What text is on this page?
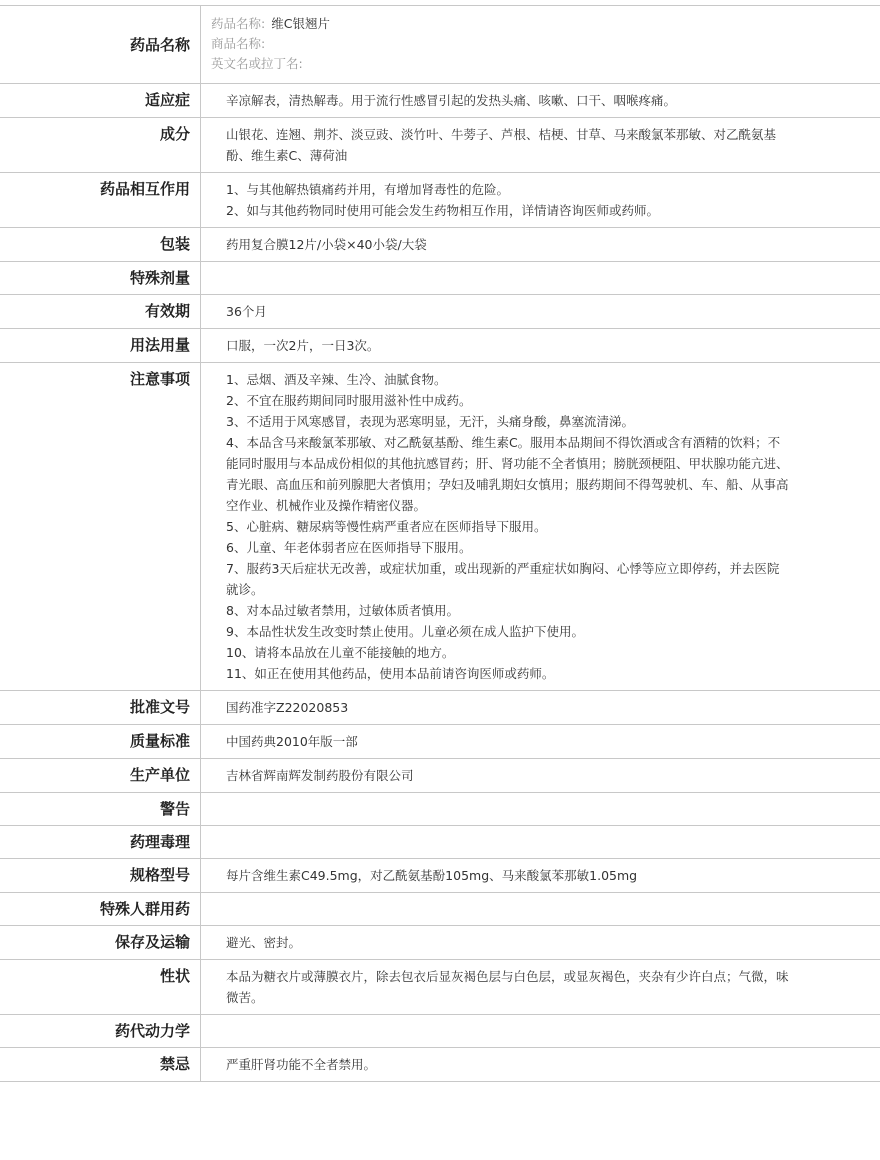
药品名称
药品名称: 维C银翘片
商品名称:
英文名或拉丁名:
适应症	辛凉解表，清热解毒。用于流行性感冒引起的发热头痛、咳嗽、口干、咽喉疼痛。
成分	山银花、连翘、荆芥、淡豆豉、淡竹叶、牛蒡子、芦根、桔梗、甘草、马来酸氯苯那敏、对乙酰氨基酚、维生素C、薄荷油
药品相互作用	1、与其他解热镇痛药并用，有增加肾毒性的危险。
2、如与其他药物同时使用可能会发生药物相互作用，详情请咨询医师或药师。
包装	药用复合膜12片/小袋×40小袋/大袋
特殊剂量
有效期	36个月
用法用量	口服，一次2片，一日3次。
注意事项	1、忌烟、酒及辛辣、生冷、油腻食物。
2、不宜在服药期间同时服用滋补性中成药。
3、不适用于风寒感冒，表现为恶寒明显，无汗，头痛身酸，鼻塞流清涕。
4、本品含马来酸氯苯那敏、对乙酰氨基酚、维生素C。服用本品期间不得饮酒或含有酒精的饮料；不能同时服用与本品成份相似的其他抗感冒药；肝、肾功能不全者慎用；膀胱颈梗阻、甲状腺功能亢进、青光眼、高血压和前列腺肥大者慎用；孕妇及哺乳期妇女慎用；服药期间不得驾驶机、车、船、从事高空作业、机械作业及操作精密仪器。
5、心脏病、糖尿病等慢性病严重者应在医师指导下服用。
6、儿童、年老体弱者应在医师指导下服用。
7、服药3天后症状无改善，或症状加重，或出现新的严重症状如胸闷、心悸等应立即停药，并去医院就诊。
8、对本品过敏者禁用，过敏体质者慎用。
9、本品性状发生改变时禁止使用。儿童必须在成人监护下使用。
10、请将本品放在儿童不能接触的地方。
11、如正在使用其他药品，使用本品前请咨询医师或药师。
批准文号	国药准字Z22020853
质量标准	中国药典2010年版一部
生产单位	吉林省辉南辉发制药股份有限公司
警告
药理毒理
规格型号	每片含维生素C49.5mg，对乙酰氨基酚105mg、马来酸氯苯那敏1.05mg
特殊人群用药
保存及运输	避光、密封。
性状	本品为糖衣片或薄膜衣片，除去包衣后显灰褐色层与白色层，或显灰褐色，夹杂有少许白点；气微，味微苦。
药代动力学
禁忌	严重肝肾功能不全者禁用。
